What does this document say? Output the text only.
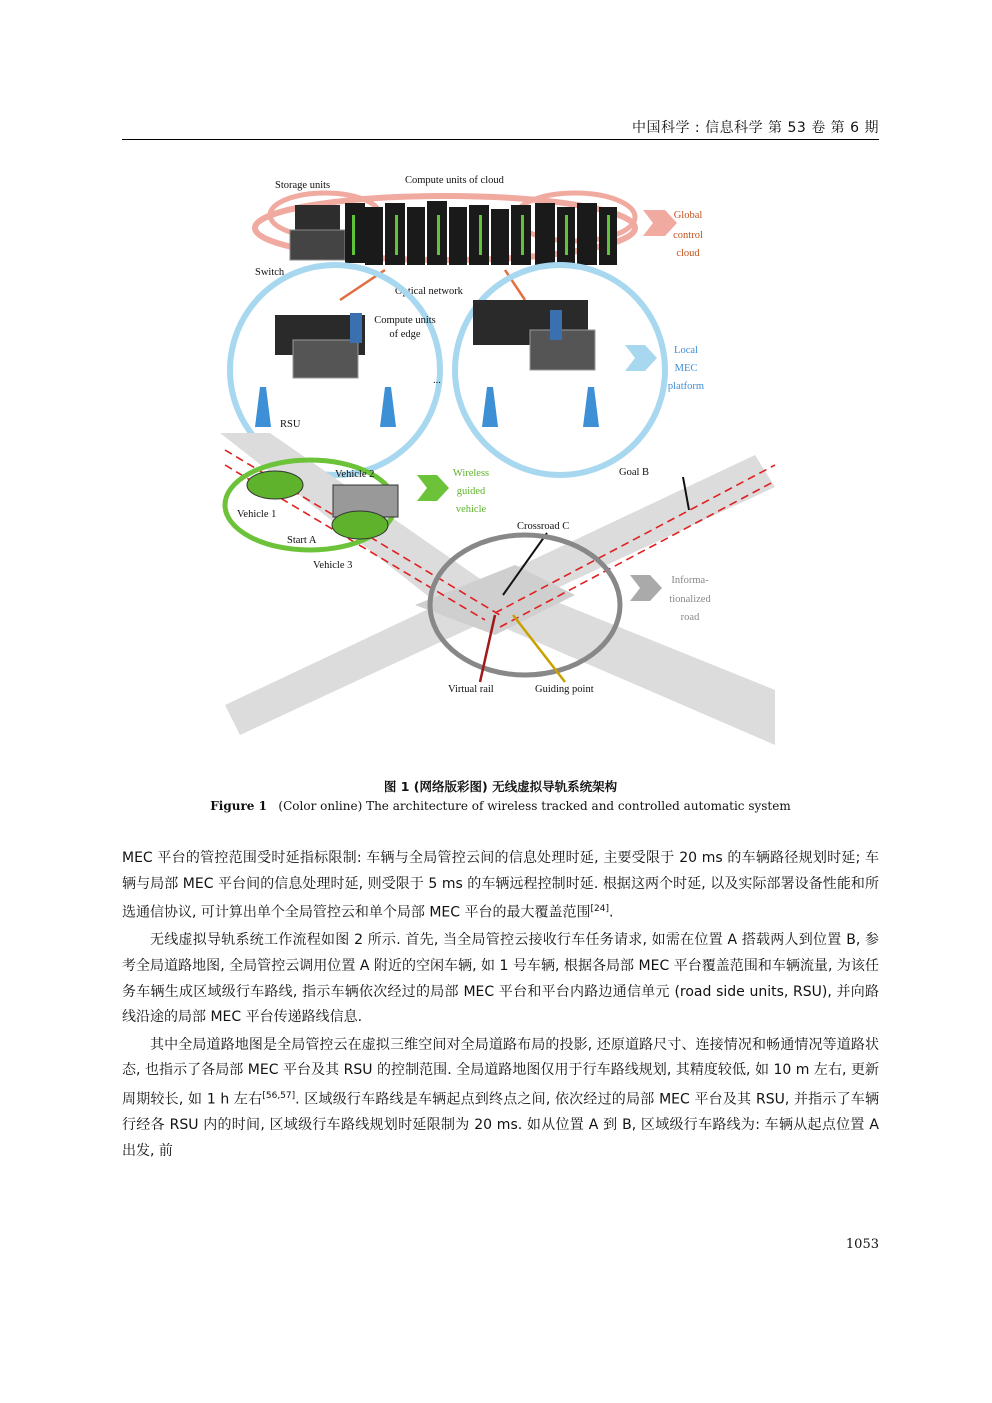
中国科学 : 信息科学 第 53 卷 第 6 期
Storage units	Compute units of cloud
Switch
Global
control
cloud
Optical network
Compute units
of edge
...
RSU
Local
MEC
platform
Vehicle 2
Vehicle 1
Start A
Vehicle 3
Wireless
guided
vehicle
Goal B
Crossroad C
Informa-
tionalized
road
Virtual rail	Guiding point
图 1 (网络版彩图) 无线虚拟导轨系统架构
Figure 1 (Color online) The architecture of wireless tracked and controlled automatic system

MEC 平台的管控范围受时延指标限制: 车辆与全局管控云间的信息处理时延, 主要受限于 20 ms 的车辆路径规划时延; 车辆与局部 MEC 平台间的信息处理时延, 则受限于 5 ms 的车辆远程控制时延. 根据这两个时延, 以及实际部署设备性能和所选通信协议, 可计算出单个全局管控云和单个局部 MEC 平台的最大覆盖范围[24].

无线虚拟导轨系统工作流程如图 2 所示. 首先, 当全局管控云接收行车任务请求, 如需在位置 A 搭载两人到位置 B, 参考全局道路地图, 全局管控云调用位置 A 附近的空闲车辆, 如 1 号车辆, 根据各局部 MEC 平台覆盖范围和车辆流量, 为该任务车辆生成区域级行车路线, 指示车辆依次经过的局部 MEC 平台和平台内路边通信单元 (road side units, RSU), 并向路线沿途的局部 MEC 平台传递路线信息.

其中全局道路地图是全局管控云在虚拟三维空间对全局道路布局的投影, 还原道路尺寸、连接情况和畅通情况等道路状态, 也指示了各局部 MEC 平台及其 RSU 的控制范围. 全局道路地图仅用于行车路线规划, 其精度较低, 如 10 m 左右, 更新周期较长, 如 1 h 左右[56,57]. 区域级行车路线是车辆起点到终点之间, 依次经过的局部 MEC 平台及其 RSU, 并指示了车辆行经各 RSU 内的时间, 区域级行车路线规划时延限制为 20 ms. 如从位置 A 到 B, 区域级行车路线为: 车辆从起点位置 A 出发, 前

1053
